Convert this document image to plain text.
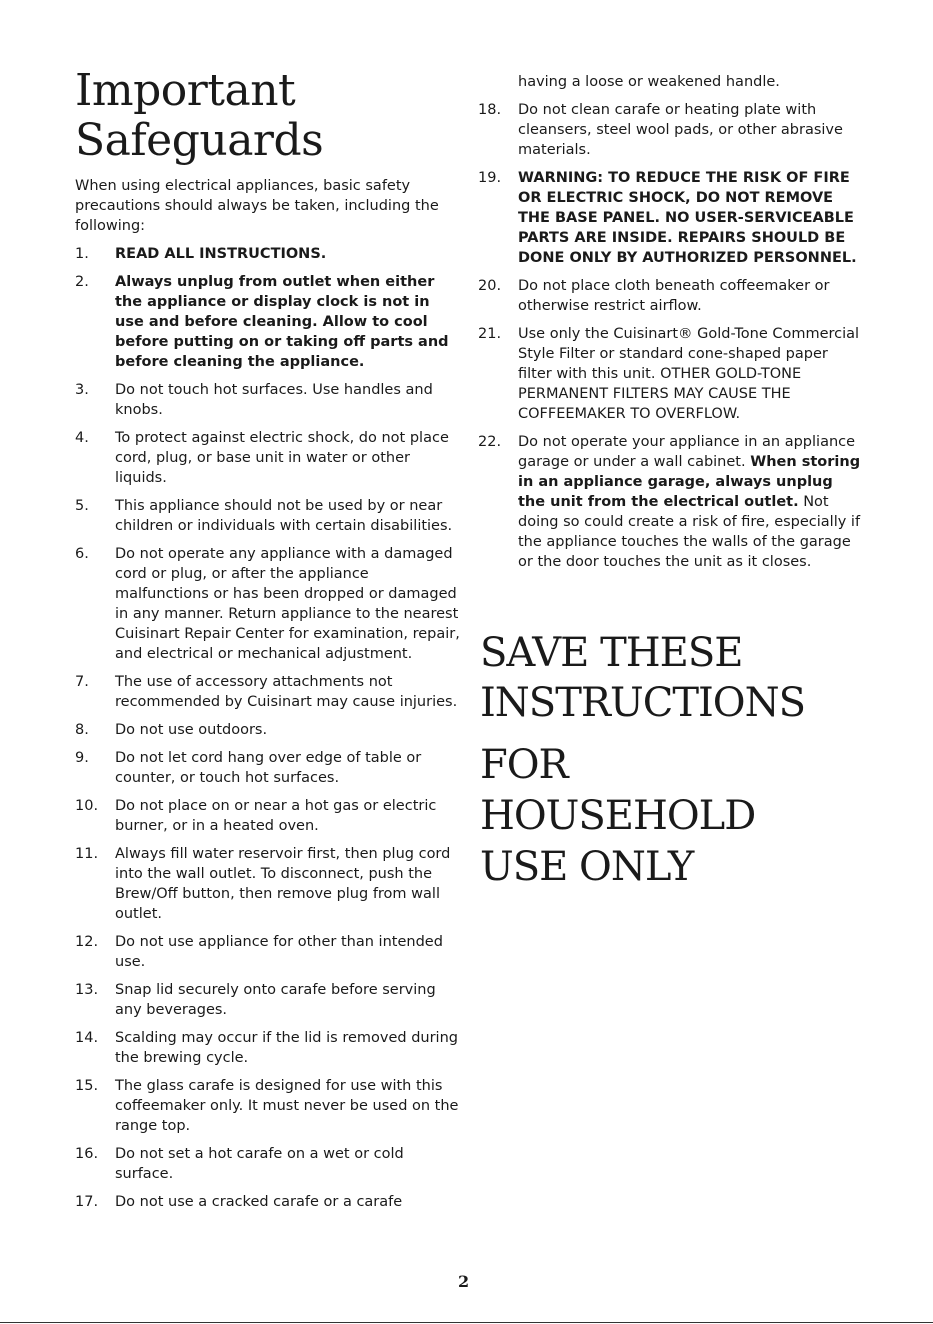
Important
Safeguards

When using electrical appliances, basic safety precautions should always be taken, including the following:

1. READ ALL INSTRUCTIONS.
2. Always unplug from outlet when either the appliance or display clock is not in use and before cleaning. Allow to cool before putting on or taking off parts and before cleaning the appliance.
3. Do not touch hot surfaces. Use handles and knobs.
4. To protect against electric shock, do not place cord, plug, or base unit in water or other liquids.
5. This appliance should not be used by or near children or individuals with certain disabilities.
6. Do not operate any appliance with a damaged cord or plug, or after the appliance malfunctions or has been dropped or damaged in any manner. Return appliance to the nearest Cuisinart Repair Center for examination, repair, and electrical or mechanical adjustment.
7. The use of accessory attachments not recommended by Cuisinart may cause injuries.
8. Do not use outdoors.
9. Do not let cord hang over edge of table or counter, or touch hot surfaces.
10. Do not place on or near a hot gas or electric burner, or in a heated oven.
11. Always fill water reservoir first, then plug cord into the wall outlet. To disconnect, push the Brew/Off button, then remove plug from wall outlet.
12. Do not use appliance for other than intended use.
13. Snap lid securely onto carafe before serving any beverages.
14. Scalding may occur if the lid is removed during the brewing cycle.
15. The glass carafe is designed for use with this coffeemaker only. It must never be used on the range top.
16. Do not set a hot carafe on a wet or cold surface.
17. Do not use a cracked carafe or a carafe

having a loose or weakened handle.

18. Do not clean carafe or heating plate with cleansers, steel wool pads, or other abrasive materials.
19. WARNING: TO REDUCE THE RISK OF FIRE OR ELECTRIC SHOCK, DO NOT REMOVE THE BASE PANEL. NO USER-SERVICEABLE PARTS ARE INSIDE. REPAIRS SHOULD BE DONE ONLY BY AUTHORIZED PERSONNEL.
20. Do not place cloth beneath coffeemaker or otherwise restrict airflow.
21. Use only the Cuisinart® Gold-Tone Commercial Style Filter or standard cone-shaped paper filter with this unit. OTHER GOLD-TONE PERMANENT FILTERS MAY CAUSE THE COFFEEMAKER TO OVERFLOW.
22. Do not operate your appliance in an appliance garage or under a wall cabinet. When storing in an appliance garage, always unplug the unit from the electrical outlet. Not doing so could create a risk of fire, especially if the appliance touches the walls of the garage or the door touches the unit as it closes.
SAVE THESE
INSTRUCTIONS
FOR
HOUSEHOLD
USE ONLY
2
